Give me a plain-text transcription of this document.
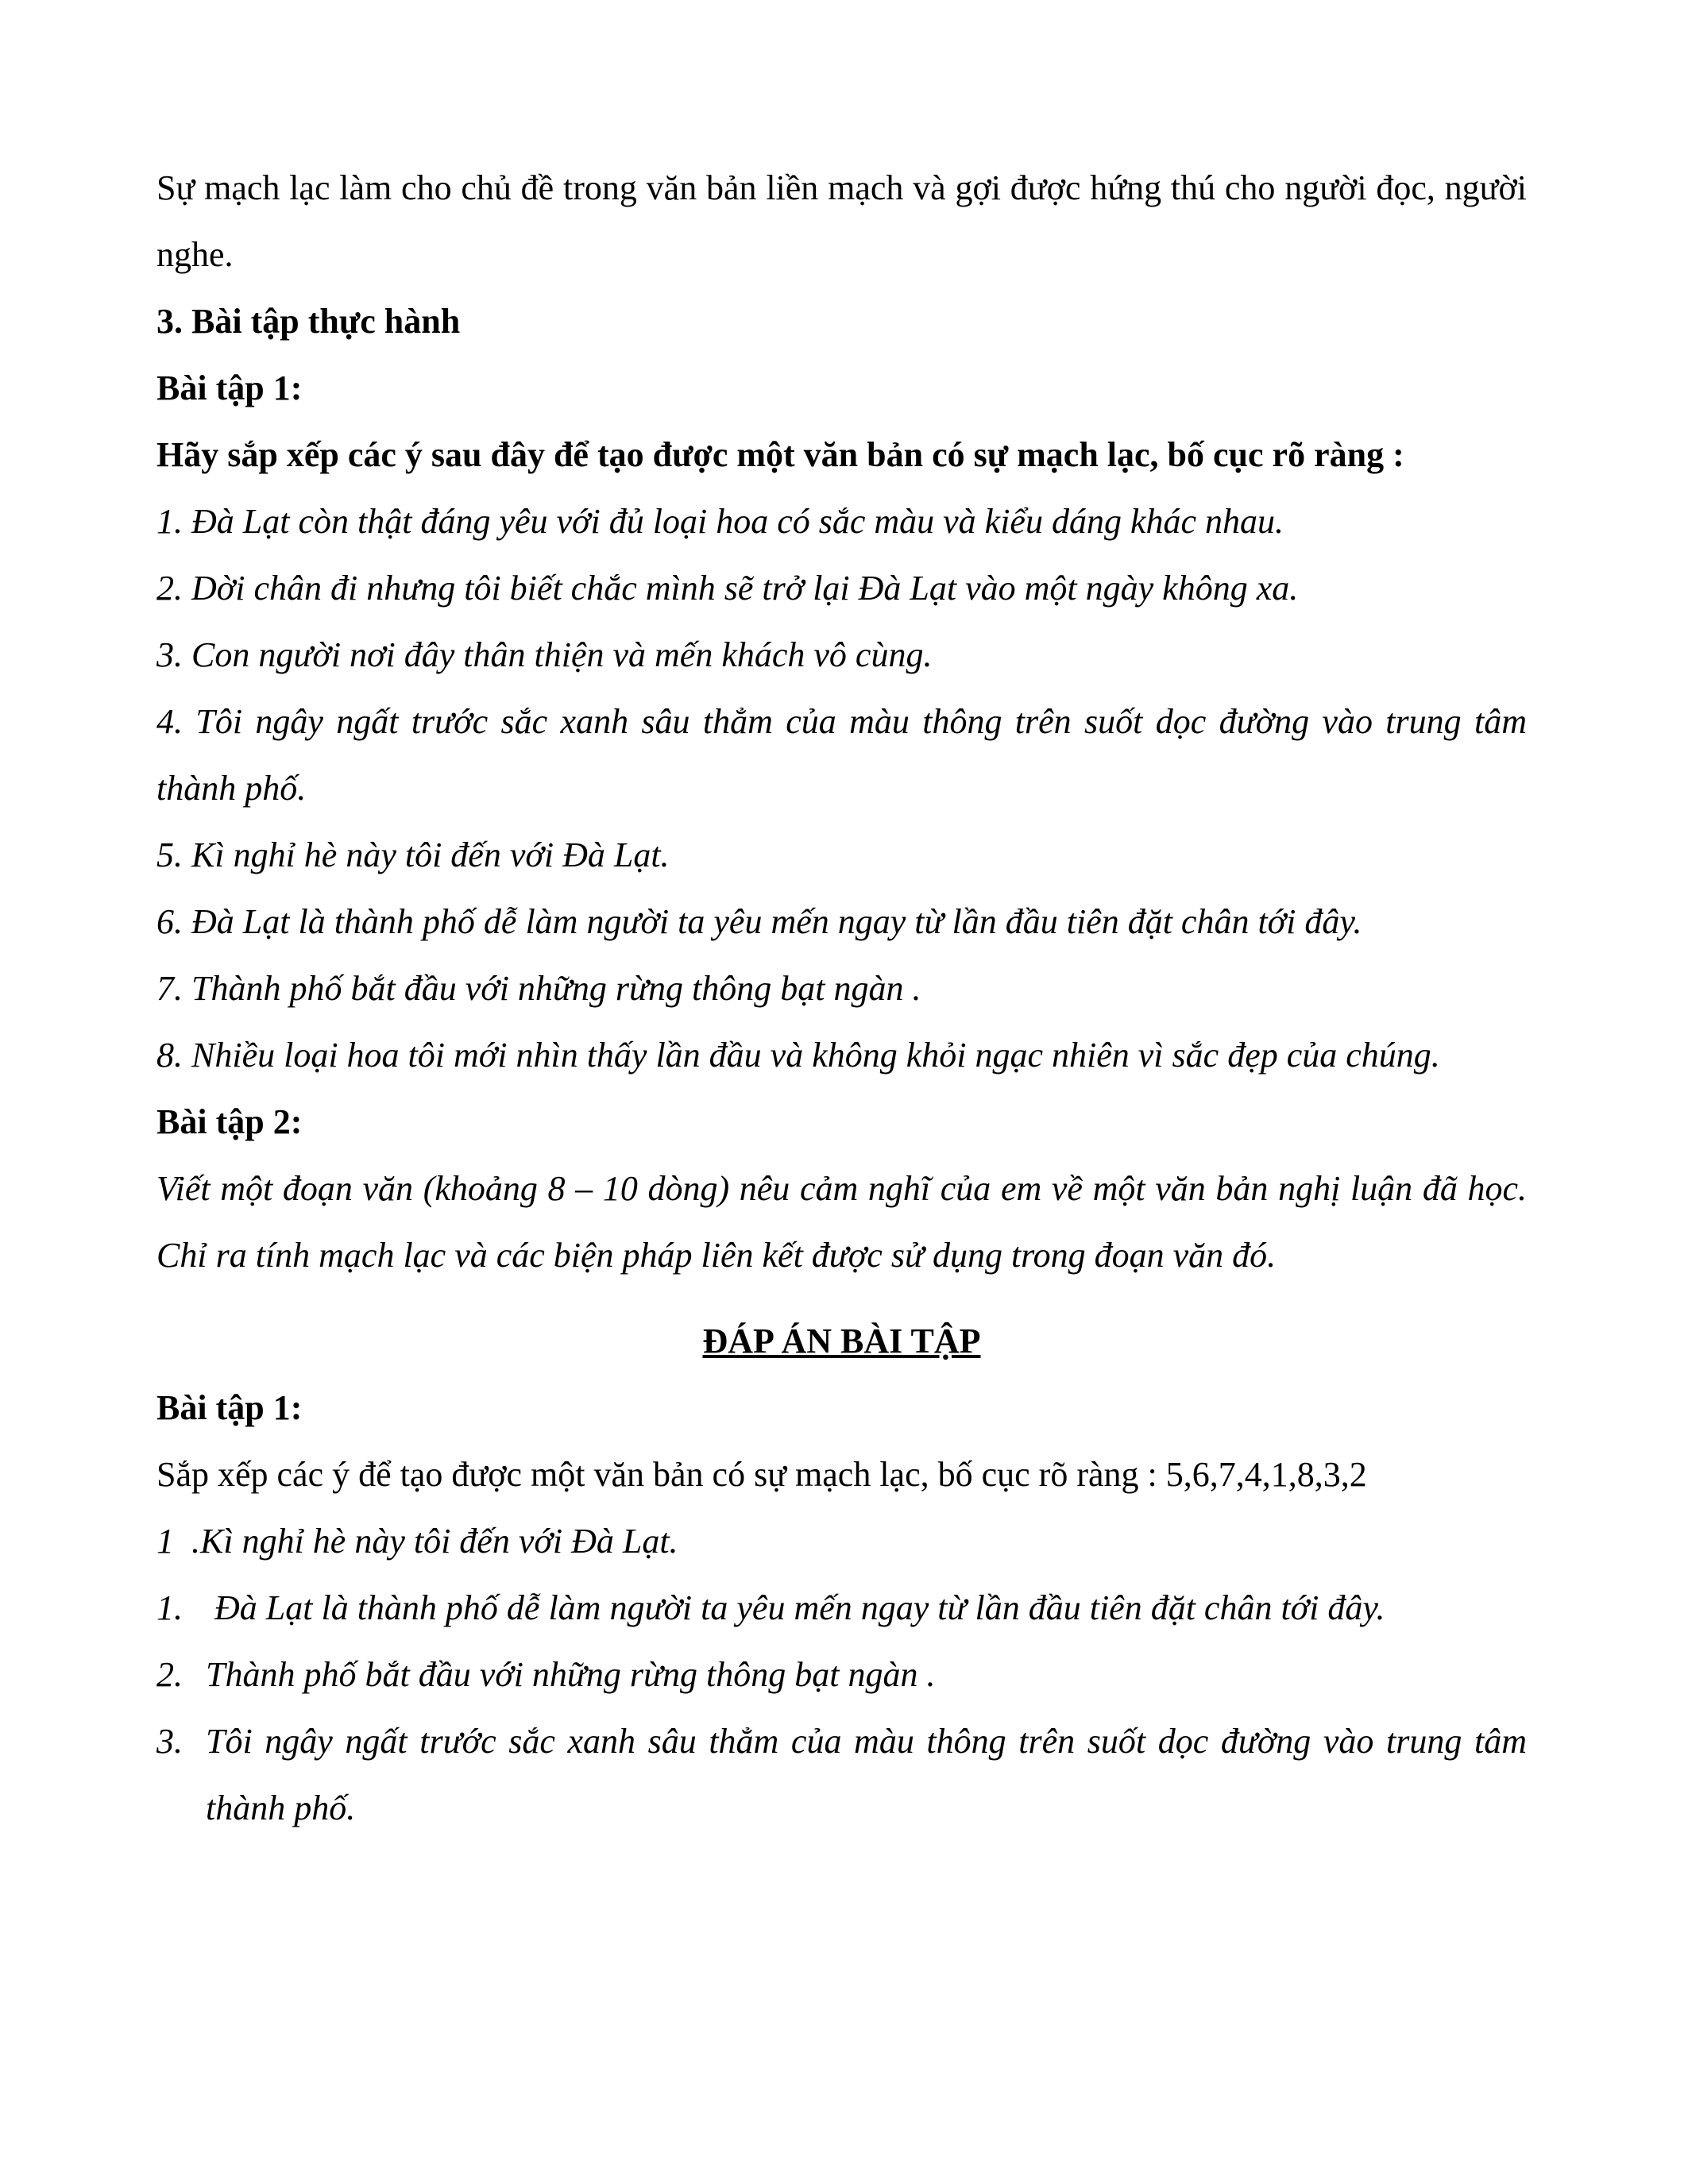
Sự mạch lạc làm cho chủ đề trong văn bản liền mạch và gợi được hứng thú cho người đọc, người nghe.
3. Bài tập thực hành
Bài tập 1:
Hãy sắp xếp các ý sau đây để tạo được một văn bản có sự mạch lạc, bố cục rõ ràng :
1. Đà Lạt còn thật đáng yêu với đủ loại hoa có sắc màu và kiểu dáng khác nhau.
2. Dời chân đi nhưng tôi biết chắc mình sẽ trở lại Đà Lạt vào một ngày không xa.
3. Con người nơi đây thân thiện và mến khách vô cùng.
4. Tôi ngây ngất trước sắc xanh sâu thẳm của màu thông trên suốt dọc đường vào trung tâm thành phố.
5. Kì nghỉ hè này tôi đến với Đà Lạt.
6. Đà Lạt là thành phố dễ làm người ta yêu mến ngay từ lần đầu tiên đặt chân tới đây.
7. Thành phố bắt đầu với những rừng thông bạt ngàn .
8. Nhiều loại hoa tôi mới nhìn thấy lần đầu và không khỏi ngạc nhiên vì sắc đẹp của chúng.
Bài tập 2:
Viết một đoạn văn (khoảng 8 – 10 dòng) nêu cảm nghĩ của em về một văn bản nghị luận đã học. Chỉ ra tính mạch lạc và các biện pháp liên kết được sử dụng trong đoạn văn đó.
ĐÁP ÁN BÀI TẬP
Bài tập 1:
Sắp xếp các ý để tạo được một văn bản có sự mạch lạc, bố cục rõ ràng : 5,6,7,4,1,8,3,2
1  .Kì nghỉ hè này tôi đến với Đà Lạt.
1. Đà Lạt là thành phố dễ làm người ta yêu mến ngay từ lần đầu tiên đặt chân tới đây.
2. Thành phố bắt đầu với những rừng thông bạt ngàn .
3. Tôi ngây ngất trước sắc xanh sâu thẳm của màu thông trên suốt dọc đường vào trung tâm thành phố.
